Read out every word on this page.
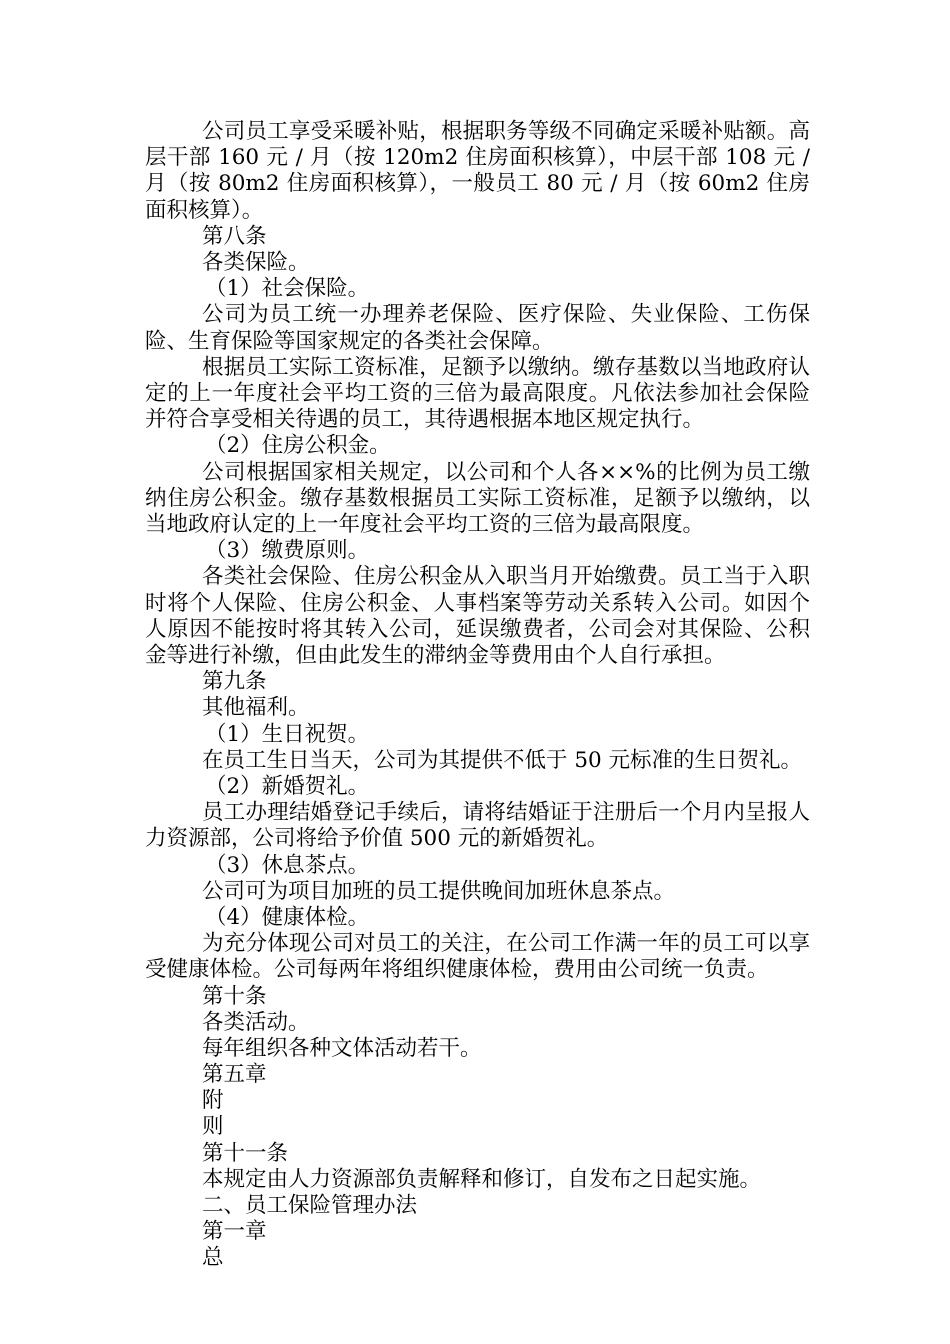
公司员工享受采暖补贴，根据职务等级不同确定采暖补贴额。高层干部 160 元 / 月（按 120m2 住房面积核算），中层干部 108 元 / 月（按 80m2 住房面积核算），一般员工 80 元 / 月（按 60m2 住房面积核算）。
第八条
各类保险。
（1）社会保险。
公司为员工统一办理养老保险、医疗保险、失业保险、工伤保险、生育保险等国家规定的各类社会保障。
根据员工实际工资标准，足额予以缴纳。缴存基数以当地政府认定的上一年度社会平均工资的三倍为最高限度。凡依法参加社会保险并符合享受相关待遇的员工，其待遇根据本地区规定执行。
（2）住房公积金。
公司根据国家相关规定，以公司和个人各××%的比例为员工缴纳住房公积金。缴存基数根据员工实际工资标准，足额予以缴纳，以当地政府认定的上一年度社会平均工资的三倍为最高限度。
（3）缴费原则。
各类社会保险、住房公积金从入职当月开始缴费。员工当于入职时将个人保险、住房公积金、人事档案等劳动关系转入公司。如因个人原因不能按时将其转入公司，延误缴费者，公司会对其保险、公积金等进行补缴，但由此发生的滞纳金等费用由个人自行承担。
第九条
其他福利。
（1）生日祝贺。
在员工生日当天，公司为其提供不低于 50 元标准的生日贺礼。
（2）新婚贺礼。
员工办理结婚登记手续后，请将结婚证于注册后一个月内呈报人力资源部，公司将给予价值 500 元的新婚贺礼。
（3）休息茶点。
公司可为项目加班的员工提供晚间加班休息茶点。
（4）健康体检。
为充分体现公司对员工的关注，在公司工作满一年的员工可以享受健康体检。公司每两年将组织健康体检，费用由公司统一负责。
第十条
各类活动。
每年组织各种文体活动若干。
第五章
附
则
第十一条
本规定由人力资源部负责解释和修订，自发布之日起实施。
二、员工保险管理办法
第一章
总
